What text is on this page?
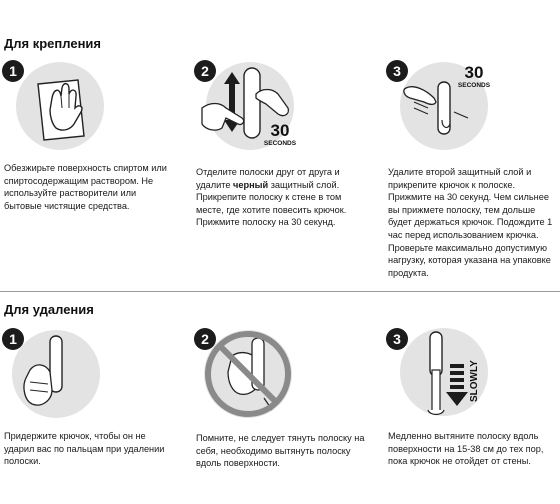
Для крепления
1
Обезжирьте поверхность спиртом или спиртосодержащим раствором. Не используйте растворители или бытовые чистящие средства.
30
SECONDS
2
Отделите полоски друг от друга и удалите черный защитный слой. Прикрепите полоску к стене в том месте, где хотите повесить крючок. Прижмите полоску на 30 секунд.
30
SECONDS
3
Удалите второй защитный слой и прикрепите крючок к полоске. Прижмите на 30 секунд. Чем сильнее вы прижмете полоску, тем дольше будет держаться крючок. Подождите 1 час перед использованием крючка. Проверьте максимально допустимую нагрузку, которая указана на упаковке продукта.
Для удаления
1
Придержите крючок, чтобы он не ударил вас по пальцам при удалении полоски.
2
Помните, не следует тянуть полоску на себя, необходимо вытянуть полоску вдоль поверхности.
SLOWLY
3
Медленно вытяните полоску вдоль поверхности на 15-38 см до тех пор, пока крючок не отойдет от стены.
